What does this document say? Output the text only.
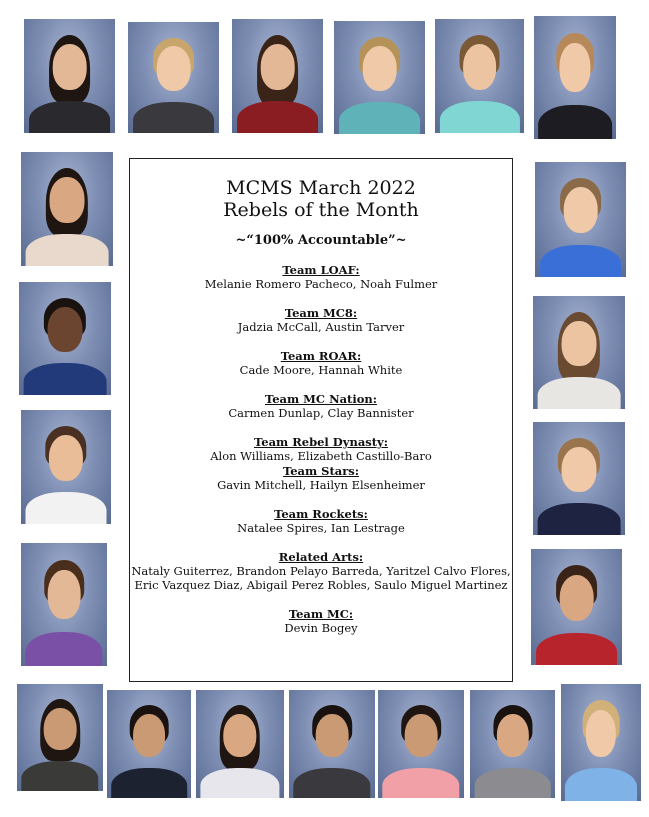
MCMS March 2022
Rebels of the Month
~“100% Accountable”~
Team LOAF:
Melanie Romero Pacheco, Noah Fulmer
Team MC8:
Jadzia McCall, Austin Tarver
Team ROAR:
Cade Moore, Hannah White
Team MC Nation:
Carmen Dunlap, Clay Bannister
Team Rebel Dynasty:
Alon Williams, Elizabeth Castillo-Baro
Team Stars:
Gavin Mitchell, Hailyn Elsenheimer
Team Rockets:
Natalee Spires, Ian Lestrage
Related Arts:
Nataly Guiterrez, Brandon Pelayo Barreda, Yaritzel Calvo Flores,
Eric Vazquez Diaz, Abigail Perez Robles, Saulo Miguel Martinez
Team MC:
Devin Bogey
